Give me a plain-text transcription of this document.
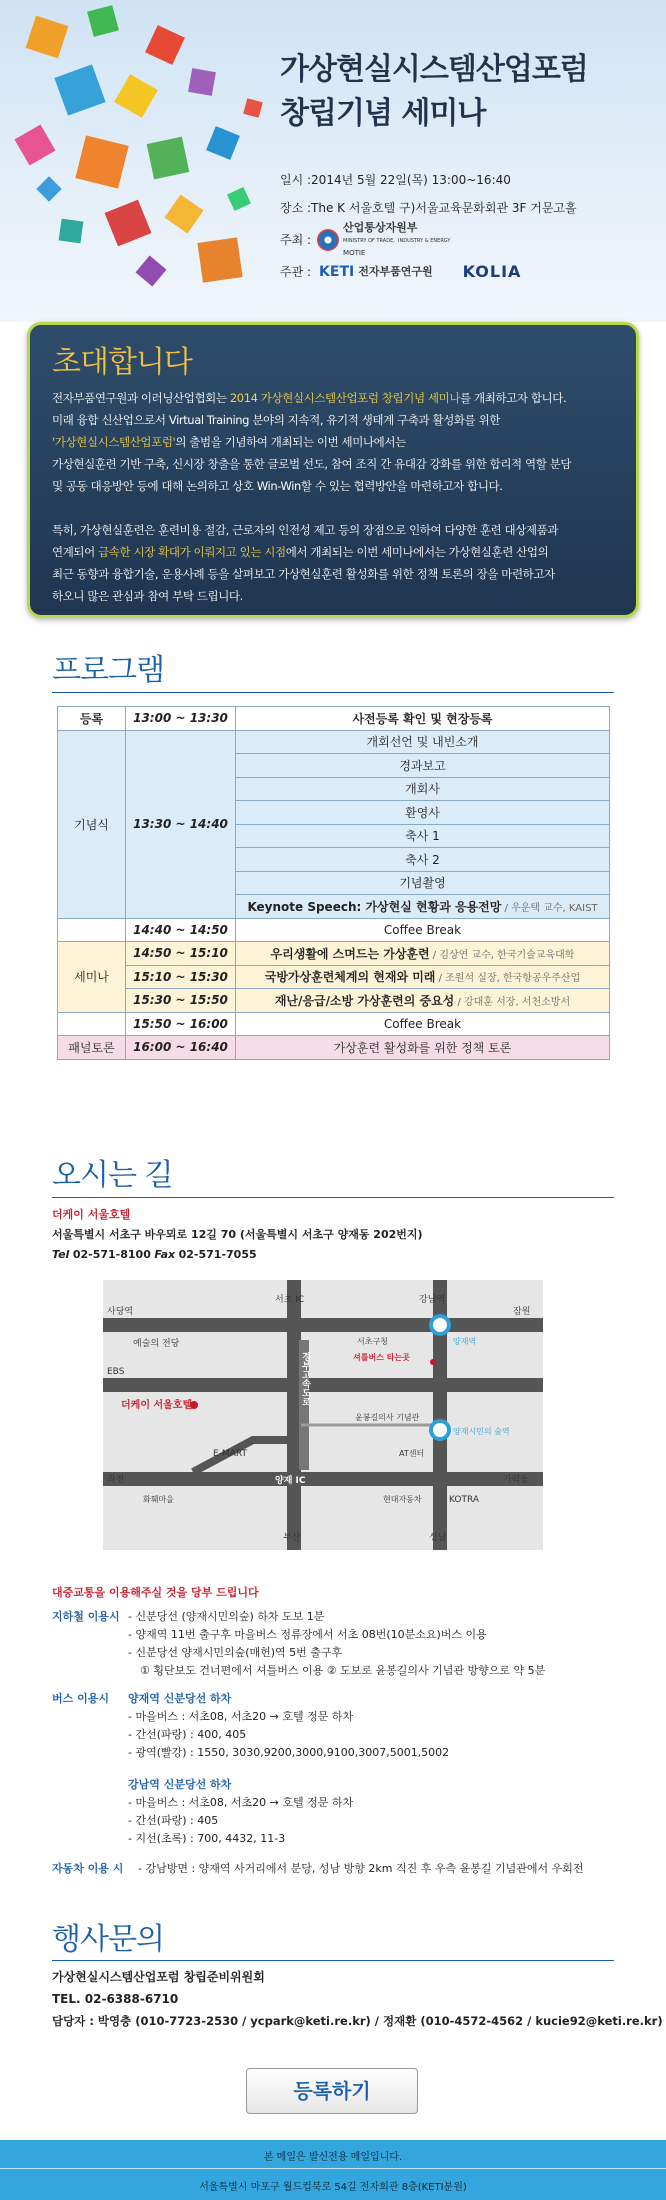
가상현실시스템산업포럼
창립기념 세미나
일시 : 2014년 5월 22일(목) 13:00~16:40
장소 : The K 서울호텔 구)서울교육문화회관 3F 거문고홀
주최 :
산업통상자원부
MINISTRY OF TRADE, INDUSTRY & ENERGY
MOTIE
주관 : KETI 전자부품연구원 KOLIA
초대합니다
전자부품연구원과 이러닝산업협회는 2014 가상현실시스템산업포럼 창립기념 세미나를 개최하고자 합니다.
미래 융합 신산업으로서 Virtual Training 분야의 지속적, 유기적 생태계 구축과 활성화를 위한
'가상현실시스템산업포럼'의 출범을 기념하여 개최되는 이번 세미나에서는
가상현실훈련 기반 구축, 신시장 창출을 통한 글로벌 선도, 참여 조직 간 유대감 강화를 위한 합리적 역할 분담
및 공동 대응방안 등에 대해 논의하고 상호 Win-Win할 수 있는 협력방안을 마련하고자 합니다.
특히, 가상현실훈련은 훈련비용 절감, 근로자의 인전성 제고 등의 장점으로 인하여 다양한 훈련 대상제품과
연계되어 급속한 시장 확대가 이뤄지고 있는 시점에서 개최되는 이번 세미나에서는 가상현실훈련 산업의
최근 동향과 융합기술, 운용사례 등을 살펴보고 가상현실훈련 활성화를 위한 정책 토론의 장을 마련하고자
하오니 많은 관심과 참여 부탁 드립니다.
프로그램
등록	13:00 ~ 13:30	사전등록 확인 및 현장등록
기념식	13:30 ~ 14:40	개회선언 및 내빈소개
		경과보고
		개회사
		환영사
		축사 1
		축사 2
		기념촬영
		Keynote Speech: 가상현실 현황과 응용전망 / 우운택 교수, KAIST
	14:40 ~ 14:50	Coffee Break
세미나	14:50 ~ 15:10	우리생활에 스며드는 가상훈련 / 김상연 교수, 한국기술교육대학
	15:10 ~ 15:30	국방가상훈련체계의 현재와 미래 / 조원석 실장, 한국항공우주산업
	15:30 ~ 15:50	재난/응급/소방 가상훈련의 중요성 / 강대훈 서장, 서천소방서
	15:50 ~ 16:00	Coffee Break
패널토론	16:00 ~ 16:40	가상훈련 활성화를 위한 정책 토론
오시는 길
더케이 서울호텔
서울특별시 서초구 바우뫼로 12길 70 (서울특별시 서초구 양재동 202번지)
Tel 02-571-8100 Fax 02-571-7055
서초 IC	강남역
사당역
예술의 전당
잠원
서초구청	양재역
셔틀버스 타는곳
EBS	경부고속도로
더케이 서울호텔
윤봉길의사 기념관
양재시민의 숲역
E-MART	AT센터
과천	양재 IC	가락동
화훼마을	현대자동차	KOTRA
부산	성남
대중교통을 이용해주실 것을 당부 드립니다
지하철 이용시 - 신분당선 (양재시민의숲) 하차 도보 1분
- 양재역 11번 출구후 마을버스 정류장에서 서초 08번(10분소요)버스 이용
- 신분당선 양재시민의숲(매헌)역 5번 출구후
① 횡단보도 건너편에서 셔틀버스 이용 ② 도보로 윤봉길의사 기념관 방향으로 약 5분
버스 이용시 양재역 신분당선 하차
- 마을버스 : 서초08, 서초20 → 호텔 정문 하차
- 간선(파랑) : 400, 405
- 광역(빨강) : 1550, 3030,9200,3000,9100,3007,5001,5002
강남역 신분당선 하차
- 마을버스 : 서초08, 서초20 → 호텔 정문 하차
- 간선(파랑) : 405
- 지선(초록) : 700, 4432, 11-3
자동차 이용 시 - 강남방면 : 양재역 사거리에서 분당, 성남 방향 2km 직진 후 우측 윤봉길 기념관에서 우회전
행사문의
가상현실시스템산업포럼 창립준비위원회
TEL. 02-6388-6710
담당자 : 박영충 (010-7723-2530 / ycpark@keti.re.kr) / 정재환 (010-4572-4562 / kucie92@keti.re.kr)
등록하기
본 메일은 발신전용 메일입니다.
서울특별시 마포구 월드컵북로 54길 전자회관 8층(KETI분원)
